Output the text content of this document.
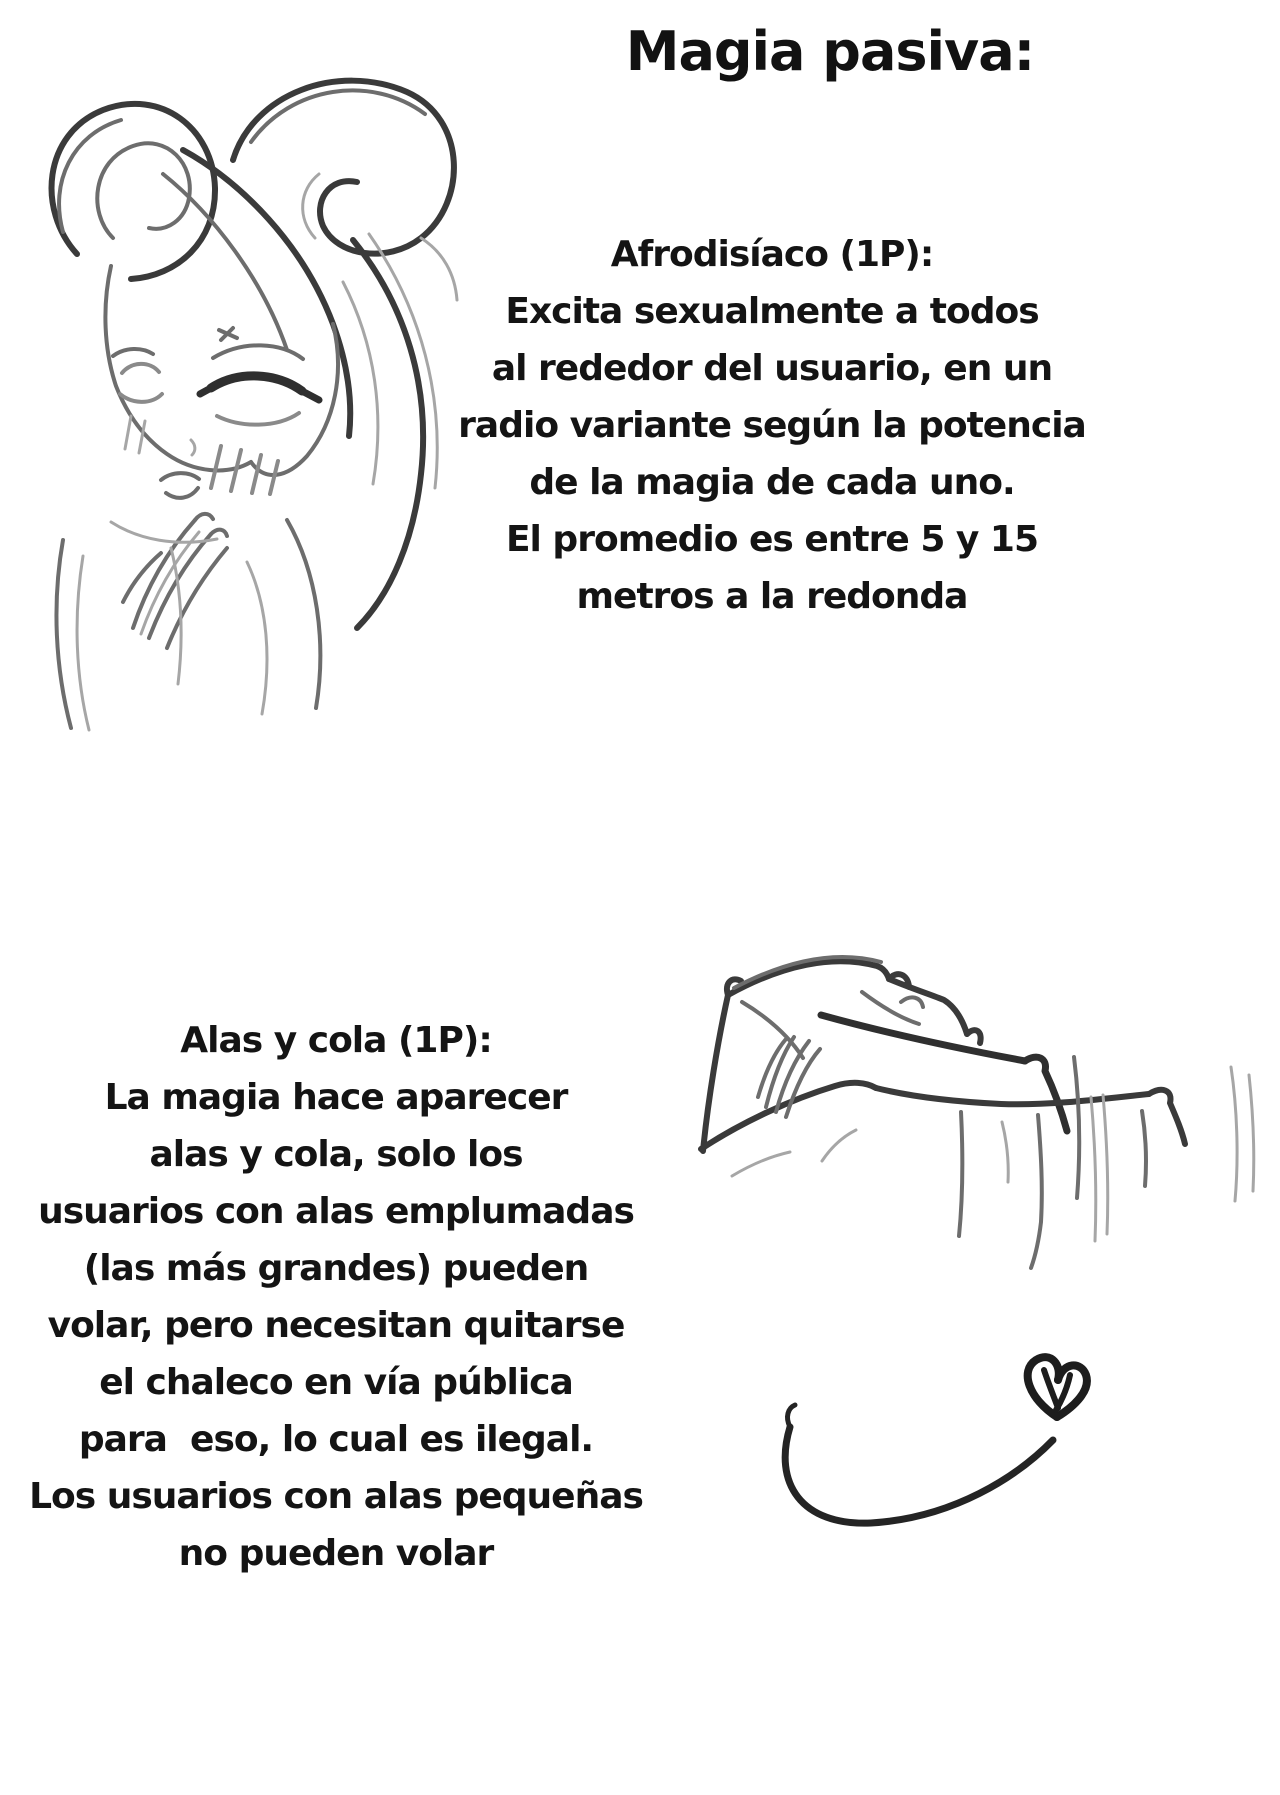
Magia pasiva:
Afrodisíaco (1P):
Excita sexualmente a todos
al rededor del usuario, en un
radio variante según la potencia
de la magia de cada uno.
El promedio es entre 5 y 15
metros a la redonda
Alas y cola (1P):
La magia hace aparecer
alas y cola, solo los
usuarios con alas emplumadas
(las más grandes) pueden
volar, pero necesitan quitarse
el chaleco en vía pública
para  eso, lo cual es ilegal.
Los usuarios con alas pequeñas
no pueden volar
